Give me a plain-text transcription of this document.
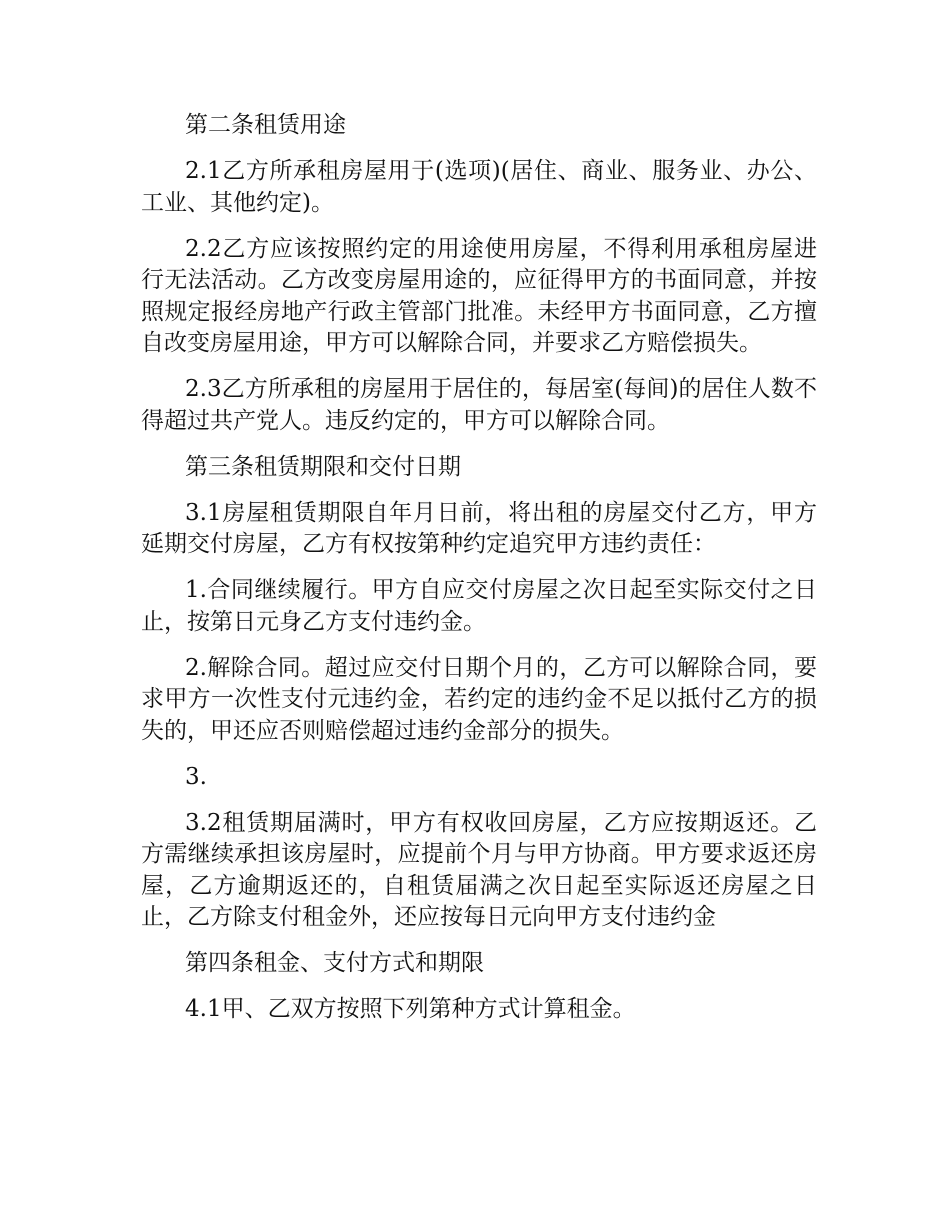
第二条租赁用途

2.1乙方所承租房屋用于(选项)(居住、商业、服务业、办公、工业、其他约定)。

2.2乙方应该按照约定的用途使用房屋，不得利用承租房屋进行无法活动。乙方改变房屋用途的，应征得甲方的书面同意，并按照规定报经房地产行政主管部门批准。未经甲方书面同意，乙方擅自改变房屋用途，甲方可以解除合同，并要求乙方赔偿损失。

2.3乙方所承租的房屋用于居住的，每居室(每间)的居住人数不得超过共产党人。违反约定的，甲方可以解除合同。

第三条租赁期限和交付日期

3.1房屋租赁期限自年月日前，将出租的房屋交付乙方，甲方延期交付房屋，乙方有权按第种约定追究甲方违约责任：

1.合同继续履行。甲方自应交付房屋之次日起至实际交付之日止，按第日元身乙方支付违约金。

2.解除合同。超过应交付日期个月的，乙方可以解除合同，要求甲方一次性支付元违约金，若约定的违约金不足以抵付乙方的损失的，甲还应否则赔偿超过违约金部分的损失。

3.

3.2租赁期届满时，甲方有权收回房屋，乙方应按期返还。乙方需继续承担该房屋时，应提前个月与甲方协商。甲方要求返还房屋，乙方逾期返还的，自租赁届满之次日起至实际返还房屋之日止，乙方除支付租金外，还应按每日元向甲方支付违约金

第四条租金、支付方式和期限

4.1甲、乙双方按照下列第种方式计算租金。
